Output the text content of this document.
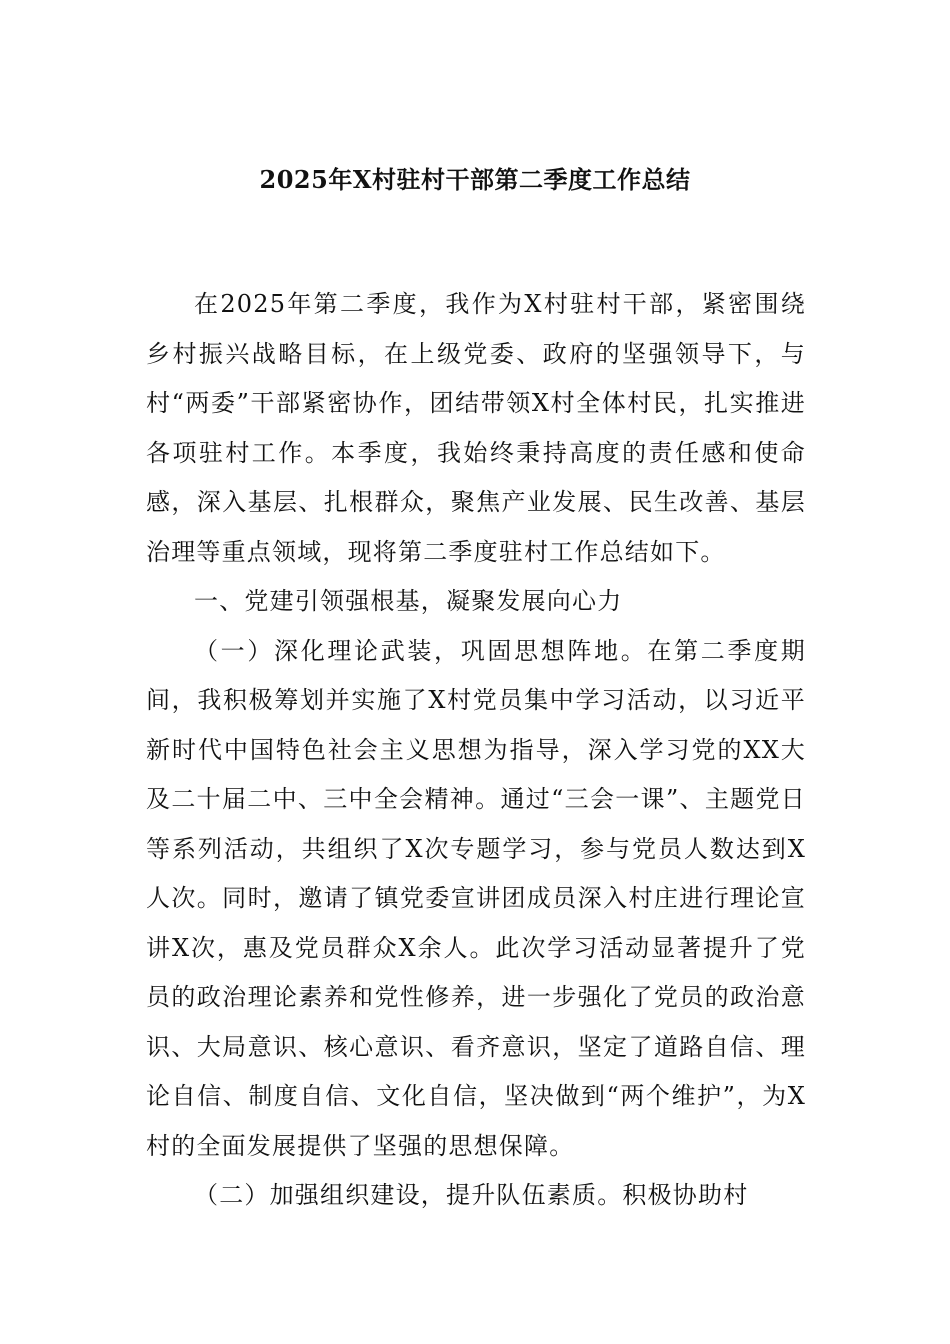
2025年X村驻村干部第二季度工作总结

在2025年第二季度，我作为X村驻村干部，紧密围绕乡村振兴战略目标，在上级党委、政府的坚强领导下，与村“两委”干部紧密协作，团结带领X村全体村民，扎实推进各项驻村工作。本季度，我始终秉持高度的责任感和使命感，深入基层、扎根群众，聚焦产业发展、民生改善、基层治理等重点领域，现将第二季度驻村工作总结如下。

一、党建引领强根基，凝聚发展向心力

（一）深化理论武装，巩固思想阵地。在第二季度期间，我积极筹划并实施了X村党员集中学习活动，以习近平新时代中国特色社会主义思想为指导，深入学习党的XX大及二十届二中、三中全会精神。通过“三会一课”、主题党日等系列活动，共组织了X次专题学习，参与党员人数达到X人次。同时，邀请了镇党委宣讲团成员深入村庄进行理论宣讲X次，惠及党员群众X余人。此次学习活动显著提升了党员的政治理论素养和党性修养，进一步强化了党员的政治意识、大局意识、核心意识、看齐意识，坚定了道路自信、理论自信、制度自信、文化自信，坚决做到“两个维护”，为X村的全面发展提供了坚强的思想保障。

（二）加强组织建设，提升队伍素质。积极协助村
